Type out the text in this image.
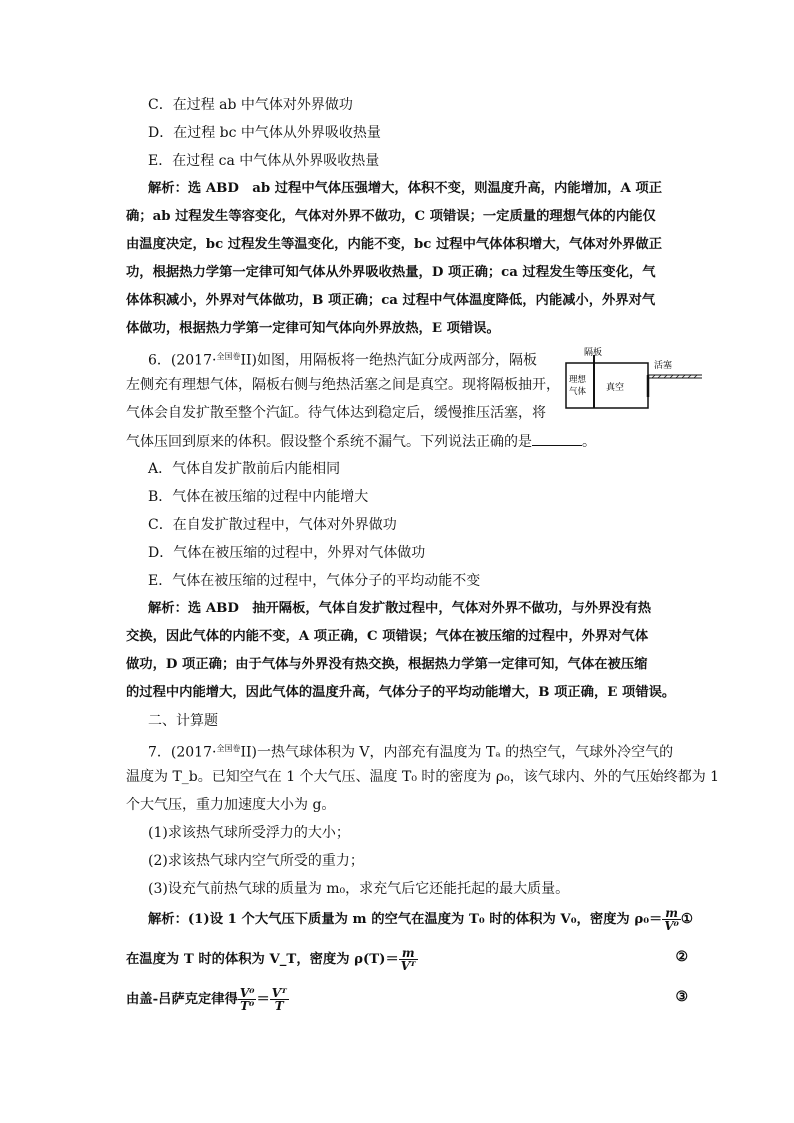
C．在过程 ab 中气体对外界做功
D．在过程 bc 中气体从外界吸收热量
E．在过程 ca 中气体从外界吸收热量
解析：选 ABD　ab 过程中气体压强增大，体积不变，则温度升高，内能增加，A 项正
确；ab 过程发生等容变化，气体对外界不做功，C 项错误；一定质量的理想气体的内能仅
由温度决定，bc 过程发生等温变化，内能不变，bc 过程中气体体积增大，气体对外界做正
功，根据热力学第一定律可知气体从外界吸收热量，D 项正确；ca 过程发生等压变化，气
体体积减小，外界对气体做功，B 项正确；ca 过程中气体温度降低，内能减小，外界对气
体做功，根据热力学第一定律可知气体向外界放热，E 项错误。
6．(2017·$^{全国卷}$II)如图，用隔板将一绝热汽缸分成两部分，隔板
左侧充有理想气体，隔板右侧与绝热活塞之间是真空。现将隔板抽开，
气体会自发扩散至整个汽缸。待气体达到稳定后，缓慢推压活塞，将
气体压回到原来的体积。假设整个系统不漏气。下列说法正确的是	。
A．气体自发扩散前后内能相同
B．气体在被压缩的过程中内能增大
C．在自发扩散过程中，气体对外界做功
D．气体在被压缩的过程中，外界对气体做功
E．气体在被压缩的过程中，气体分子的平均动能不变
解析：选 ABD　抽开隔板，气体自发扩散过程中，气体对外界不做功，与外界没有热
交换，因此气体的内能不变，A 项正确，C 项错误；气体在被压缩的过程中，外界对气体
做功，D 项正确；由于气体与外界没有热交换，根据热力学第一定律可知，气体在被压缩
的过程中内能增大，因此气体的温度升高，气体分子的平均动能增大，B 项正确，E 项错误。
二、计算题
7．(2017·$^{全国卷}$II)一热气球体积为 V，内部充有温度为 Tₐ 的热空气，气球外冷空气的
温度为 T_b。已知空气在 1 个大气压、温度 T₀ 时的密度为 ρ₀，该气球内、外的气压始终都为 1
个大气压，重力加速度大小为 g。
(1)求该热气球所受浮力的大小；
(2)求该热气球内空气所受的重力；
(3)设充气前热气球的质量为 m₀，求充气后它还能托起的最大质量。
解析：(1)设 1 个大气压下质量为 m 的空气在温度为 T₀ 时的体积为 V₀，密度为 $\rho_0= \frac{m}{\text{V⁰}}$ ①
在温度为 T 时的体积为 V_T，密度为 $\rho(T)= \frac{m}{\text{Vᵀ}}$	②
由盖-吕萨克定律得 $\frac{\text{V⁰}}{\text{T⁰}} = \frac{\text{Vᵀ}}{T}$	③
隔板
活塞
理想
气体 真空
